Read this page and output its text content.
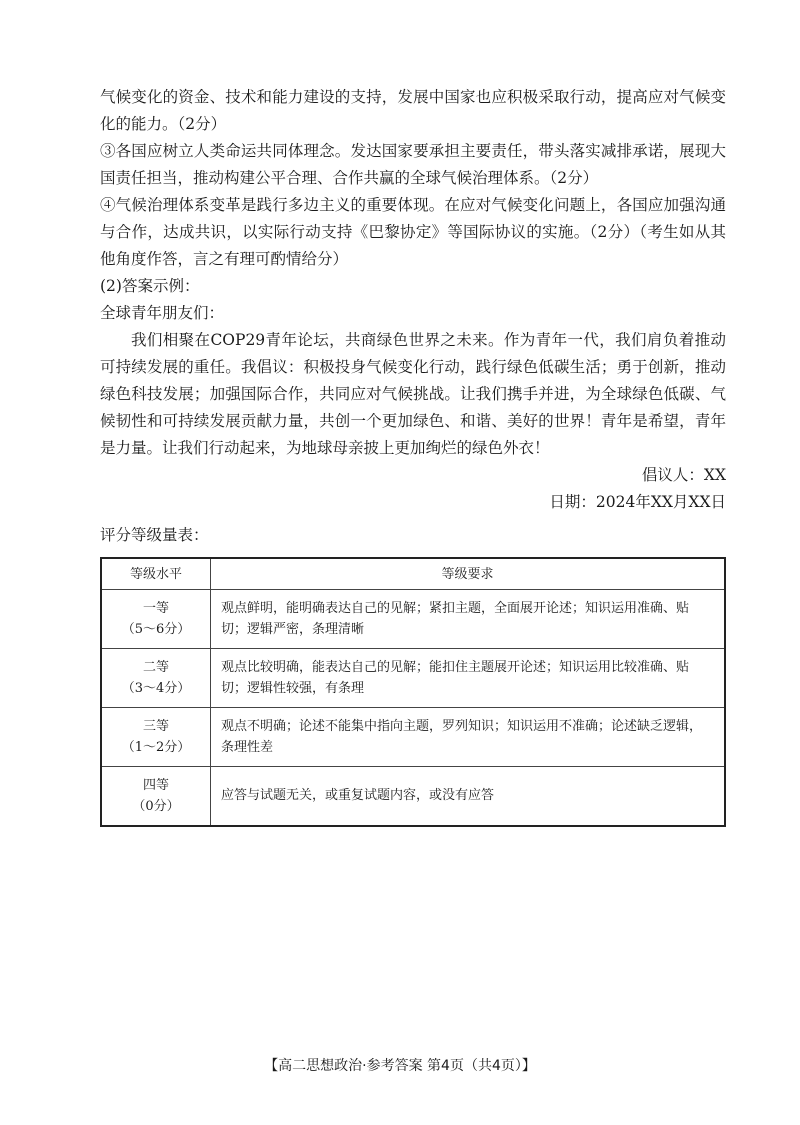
气候变化的资金、技术和能力建设的支持，发展中国家也应积极采取行动，提高应对气候变化的能力。（2分）

③各国应树立人类命运共同体理念。发达国家要承担主要责任，带头落实减排承诺，展现大国责任担当，推动构建公平合理、合作共赢的全球气候治理体系。（2分）

④气候治理体系变革是践行多边主义的重要体现。在应对气候变化问题上，各国应加强沟通与合作，达成共识，以实际行动支持《巴黎协定》等国际协议的实施。（2分）（考生如从其他角度作答，言之有理可酌情给分）

(2)答案示例：

全球青年朋友们：

我们相聚在COP29青年论坛，共商绿色世界之未来。作为青年一代，我们肩负着推动可持续发展的重任。我倡议：积极投身气候变化行动，践行绿色低碳生活；勇于创新，推动绿色科技发展；加强国际合作，共同应对气候挑战。让我们携手并进，为全球绿色低碳、气候韧性和可持续发展贡献力量，共创一个更加绿色、和谐、美好的世界！青年是希望，青年是力量。让我们行动起来，为地球母亲披上更加绚烂的绿色外衣！

倡议人：XX

日期：2024年XX月XX日

评分等级量表：

等级水平	等级要求

一等
（5～6分）	观点鲜明，能明确表达自己的见解；紧扣主题，全面展开论述；知识运用准确、贴切；逻辑严密，条理清晰

二等
（3～4分）	观点比较明确，能表达自己的见解；能扣住主题展开论述；知识运用比较准确、贴切；逻辑性较强，有条理

三等
（1～2分）	观点不明确；论述不能集中指向主题，罗列知识；知识运用不准确；论述缺乏逻辑，条理性差

四等
（0分）	应答与试题无关，或重复试题内容，或没有应答
【高二思想政治·参考答案 第4页（共4页）】
